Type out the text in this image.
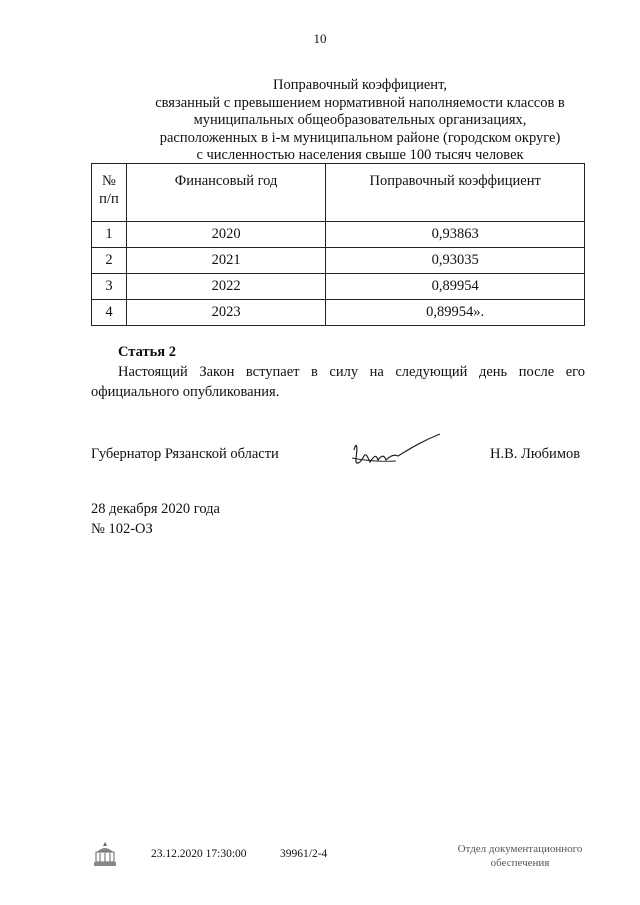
10
Поправочный коэффициент,
связанный с превышением нормативной наполняемости классов в
муниципальных общеобразовательных организациях,
расположенных в i-м муниципальном районе (городском округе)
с численностью населения свыше 100 тысяч человек
№ п/п	Финансовый год	Поправочный коэффициент
1	2020	0,93863
2	2021	0,93035
3	2022	0,89954
4	2023	0,89954».
Статья 2
Настоящий Закон вступает в силу на следующий день после его официального опубликования.
Губернатор Рязанской области	Н.В. Любимов
28 декабря 2020 года
№ 102-ОЗ
23.12.2020 17:30:00	39961/2-4	Отдел документационного
обеспечения
